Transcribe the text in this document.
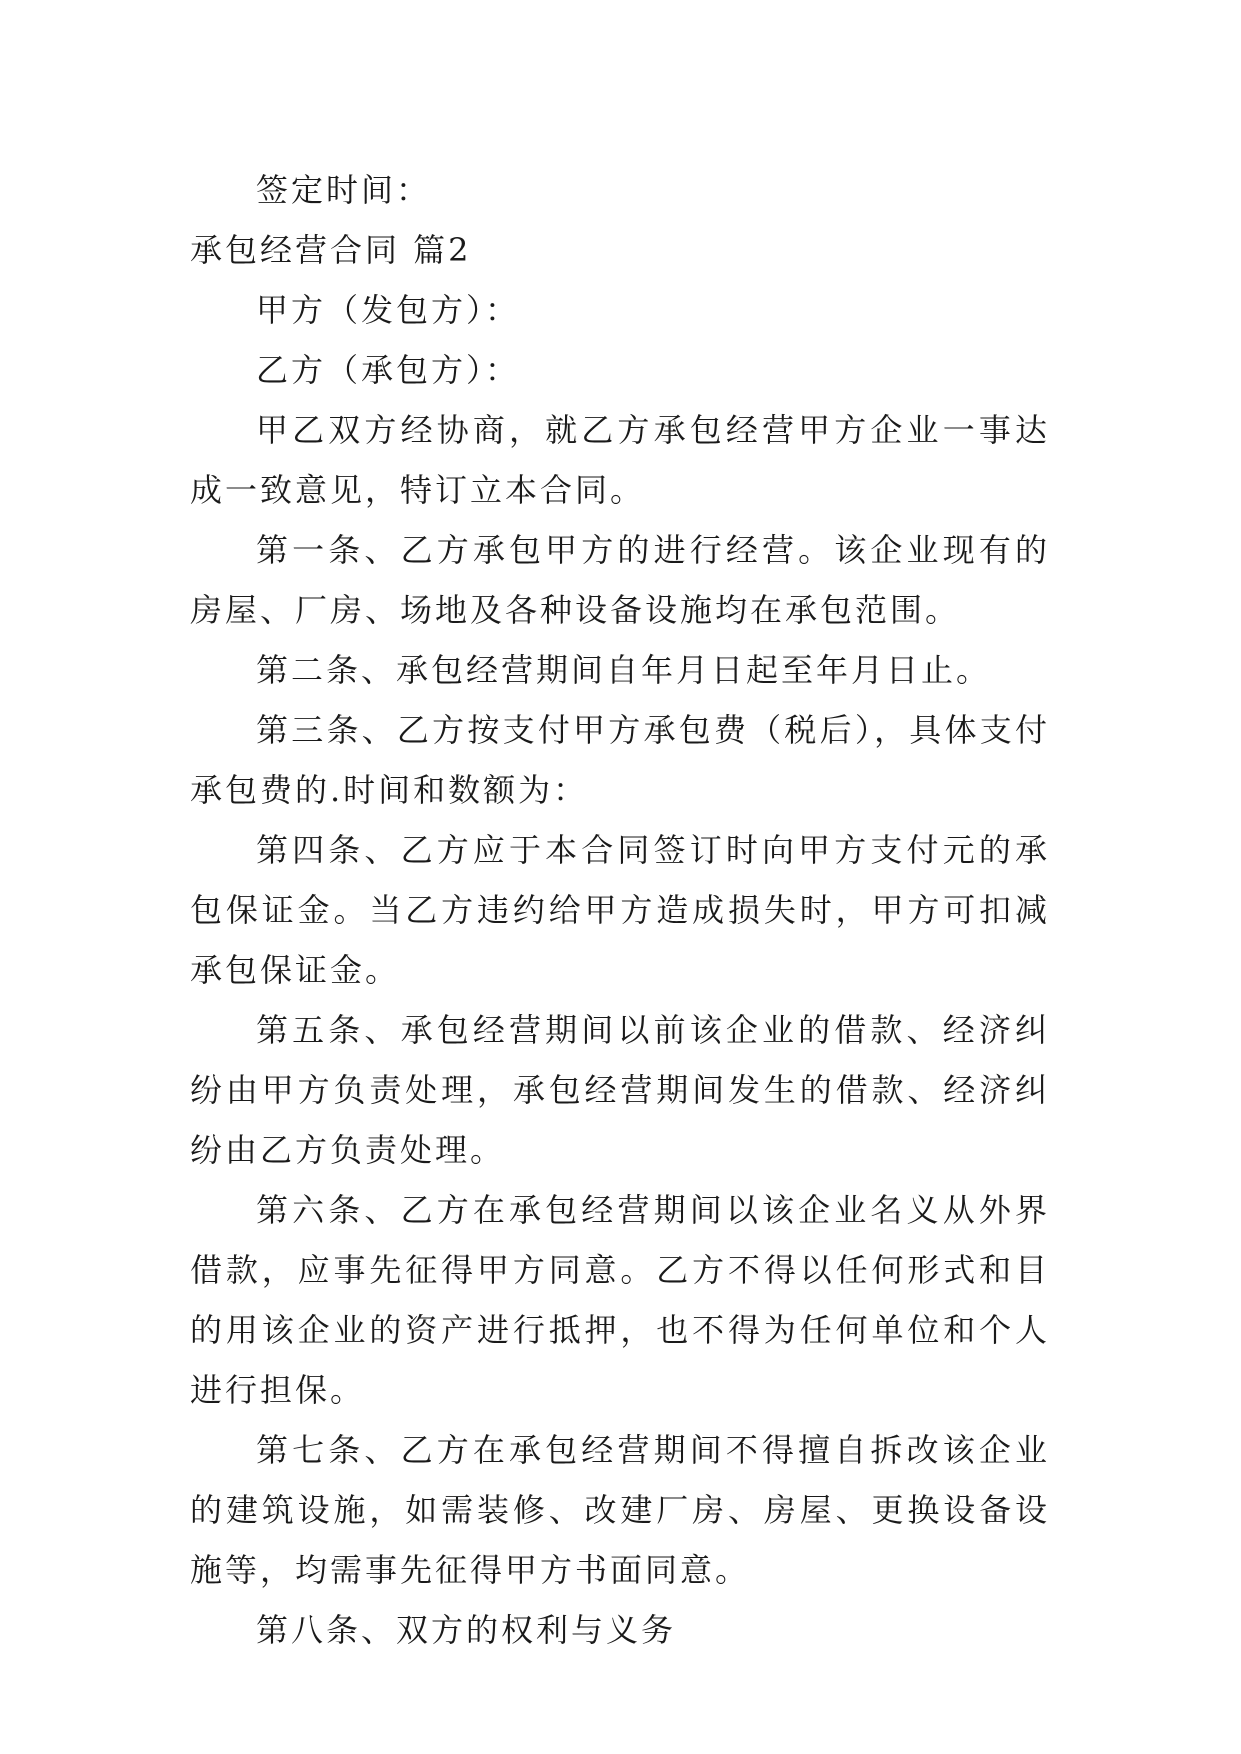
签定时间：

承包经营合同 篇2

甲方（发包方）：

乙方（承包方）：

甲乙双方经协商，就乙方承包经营甲方企业一事达成一致意见，特订立本合同。

第一条、乙方承包甲方的进行经营。该企业现有的房屋、厂房、场地及各种设备设施均在承包范围。

第二条、承包经营期间自年月日起至年月日止。

第三条、乙方按支付甲方承包费（税后），具体支付承包费的.时间和数额为：

第四条、乙方应于本合同签订时向甲方支付元的承包保证金。当乙方违约给甲方造成损失时，甲方可扣减承包保证金。

第五条、承包经营期间以前该企业的借款、经济纠纷由甲方负责处理，承包经营期间发生的借款、经济纠纷由乙方负责处理。

第六条、乙方在承包经营期间以该企业名义从外界借款，应事先征得甲方同意。乙方不得以任何形式和目的用该企业的资产进行抵押，也不得为任何单位和个人进行担保。

第七条、乙方在承包经营期间不得擅自拆改该企业的建筑设施，如需装修、改建厂房、房屋、更换设备设施等，均需事先征得甲方书面同意。

第八条、双方的权利与义务
